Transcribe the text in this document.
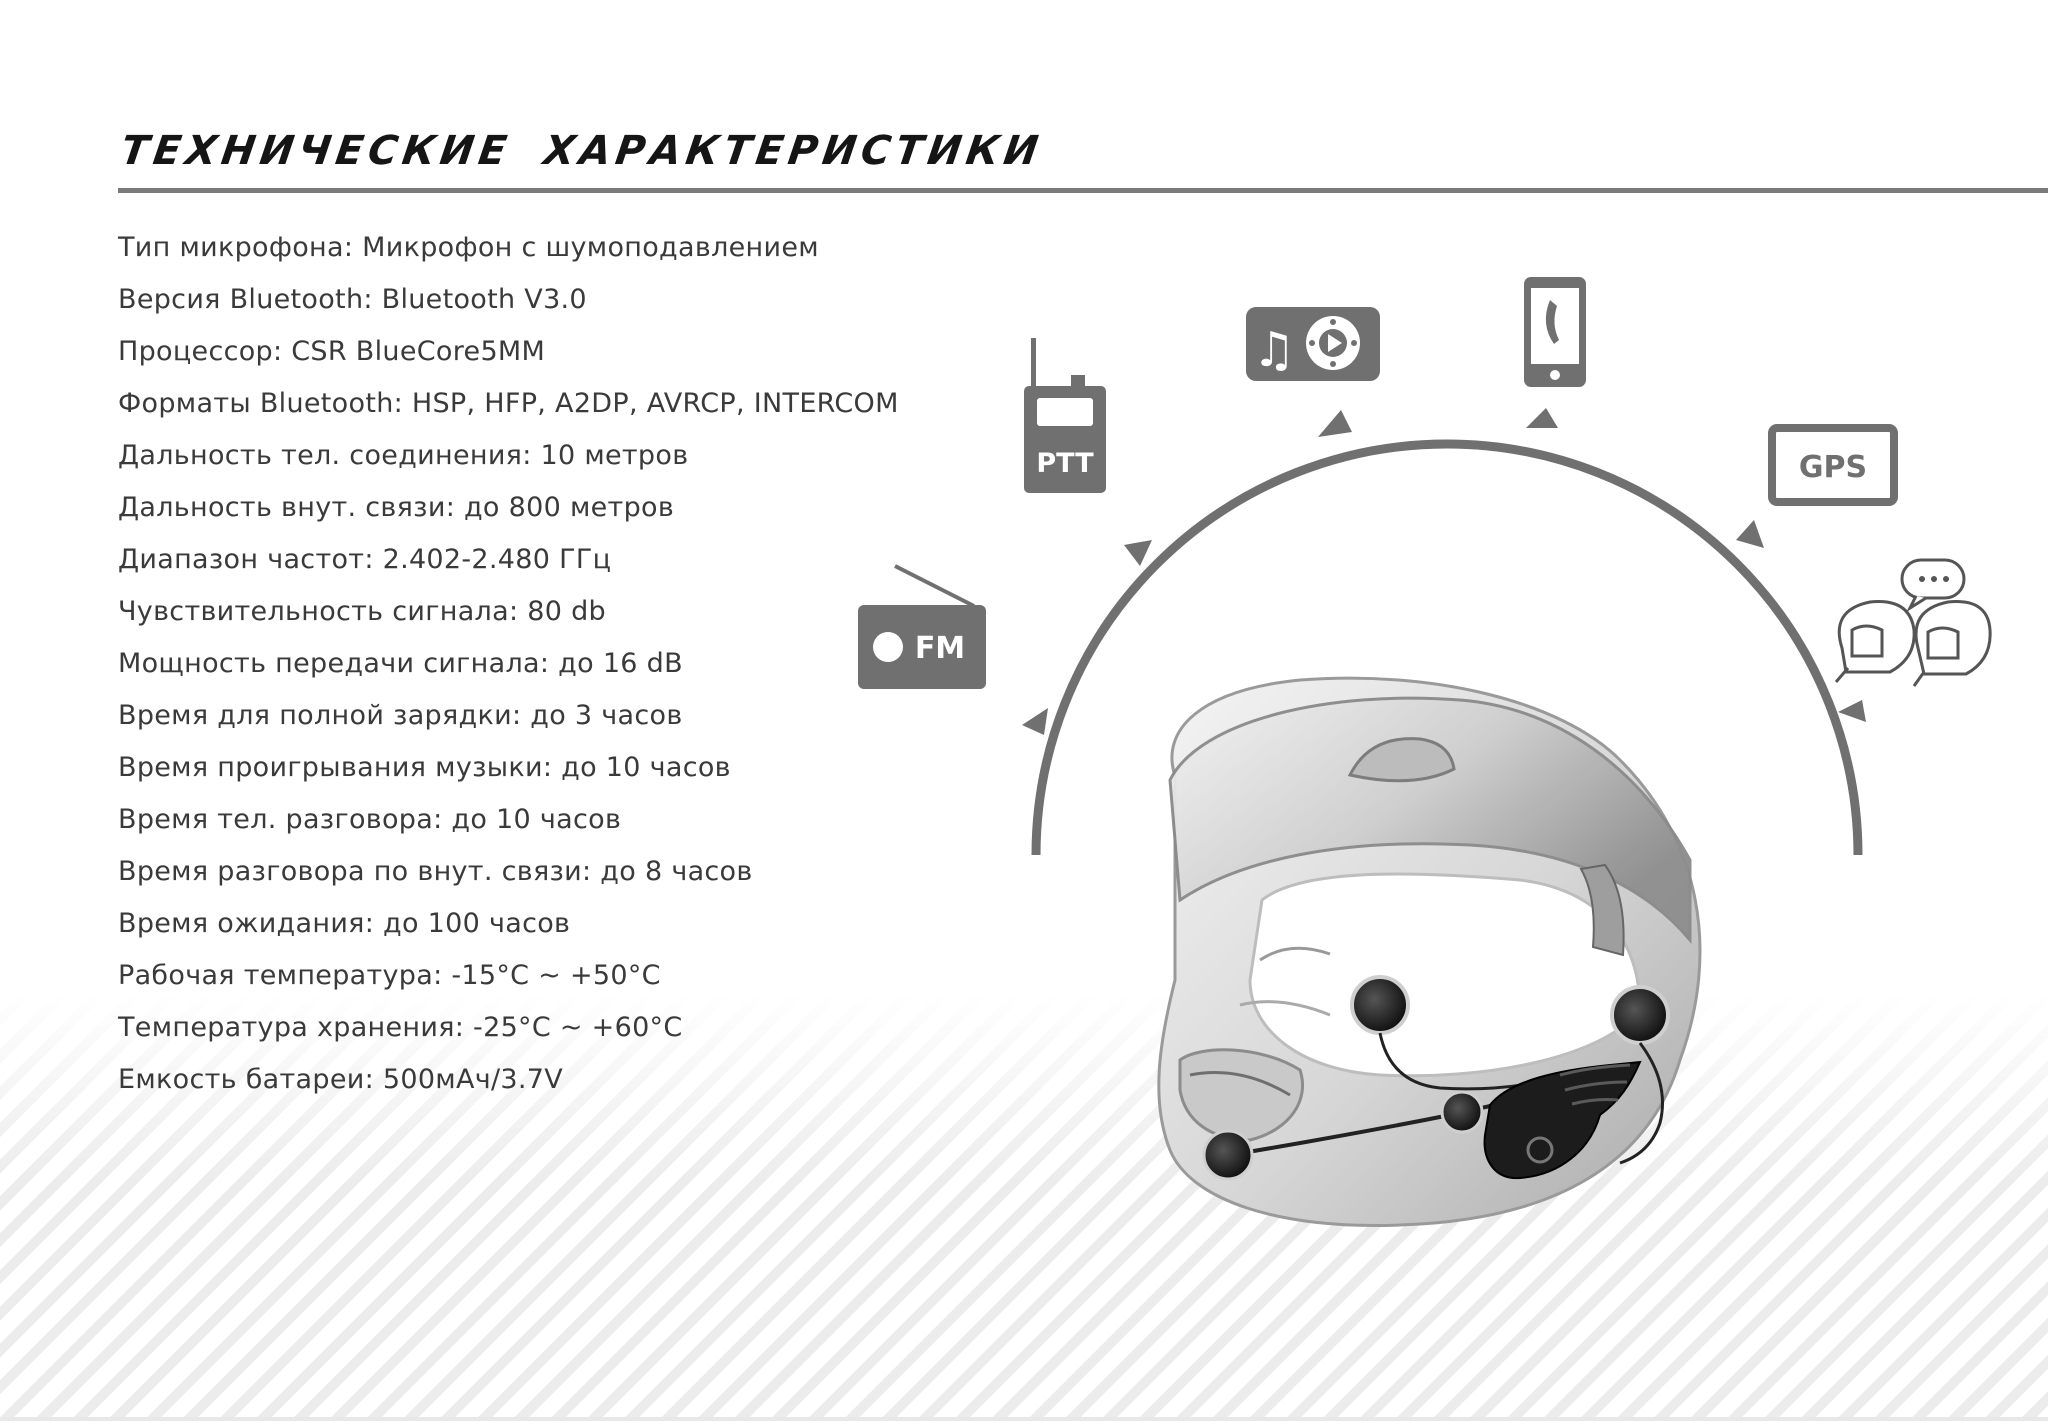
ТЕХНИЧЕСКИЕ ХАРАКТЕРИСТИКИ
Тип микрофона: Микрофон с шумоподавлением
Версия Bluetooth: Bluetooth V3.0
Процессор: CSR BlueCore5MM
Форматы Bluetooth: HSP, HFP, A2DP, AVRCP, INTERCOM
Дальность тел. соединения: 10 метров
Дальность внут. связи: до 800 метров
Диапазон частот: 2.402-2.480 ГГц
Чувствительность сигнала: 80 db
Мощность передачи сигнала: до 16 dB
Время для полной зарядки: до 3 часов
Время проигрывания музыки: до 10 часов
Время тел. разговора: до 10 часов
Время разговора по внут. связи: до 8 часов
Время ожидания: до 100 часов
Рабочая температура: -15°C ~ +50°C
Температура хранения: -25°C ~ +60°C
Емкость батареи: 500мАч/3.7V
FM
PTT
♫
GPS
